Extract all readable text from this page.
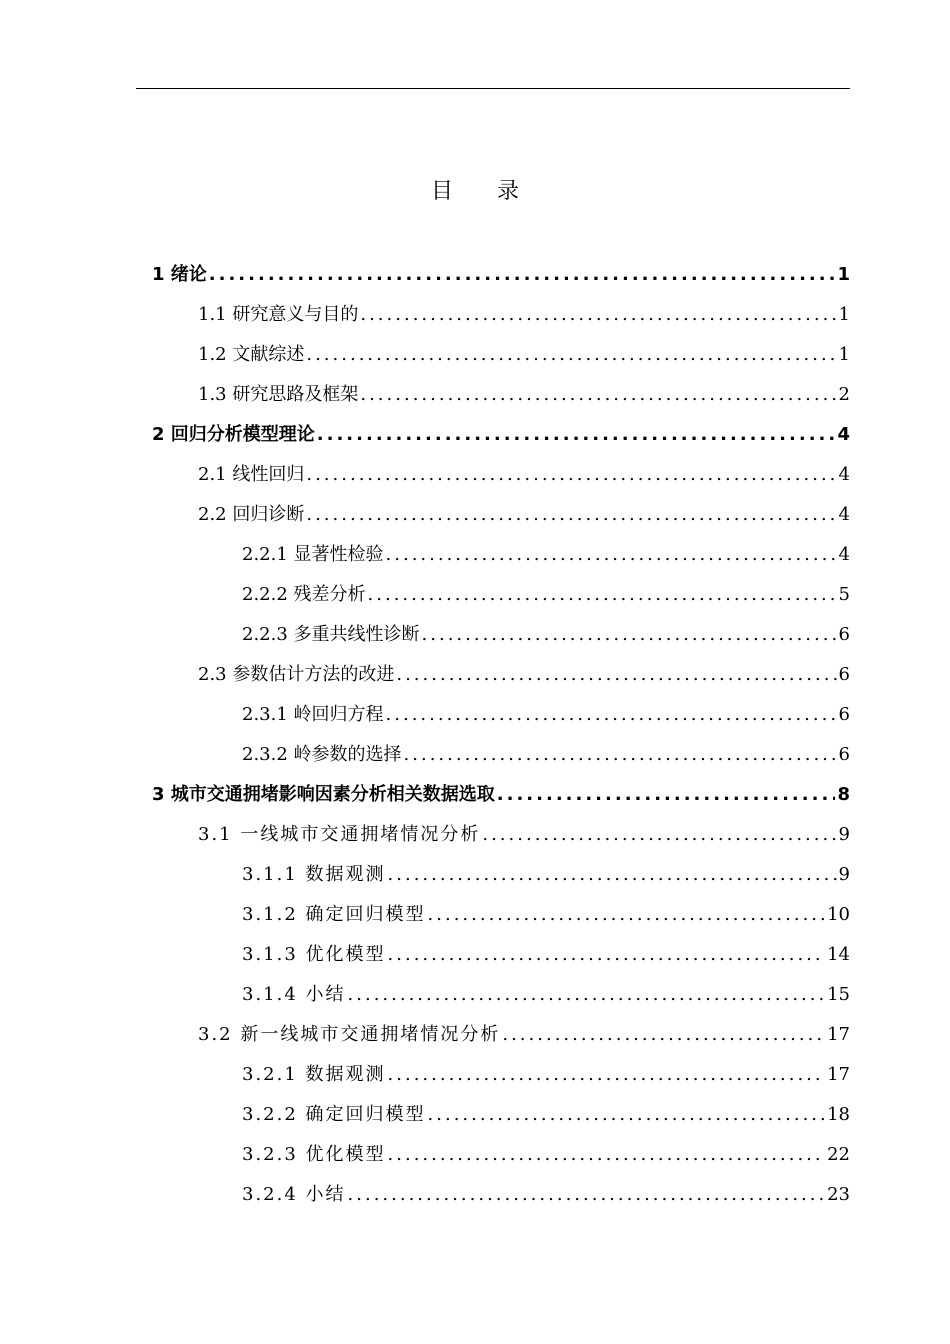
目 录
1 绪论 .....	1
1.1 研究意义与目的 .....	1
1.2 文献综述 .....	1
1.3 研究思路及框架 .....	2
2 回归分析模型理论 .....	4
2.1 线性回归 .....	4
2.2 回归诊断 .....	4
2.2.1 显著性检验 .....	4
2.2.2 残差分析 .....	5
2.2.3 多重共线性诊断 .....	6
2.3 参数估计方法的改进 .....	6
2.3.1 岭回归方程 .....	6
2.3.2 岭参数的选择 .....	6
3 城市交通拥堵影响因素分析相关数据选取 .....	8
3.1 一线城市交通拥堵情况分析 .....	9
3.1.1 数据观测 .....	9
3.1.2 确定回归模型 .....	10
3.1.3 优化模型 .....	14
3.1.4 小结 .....	15
3.2 新一线城市交通拥堵情况分析 .....	17
3.2.1 数据观测 .....	17
3.2.2 确定回归模型 .....	18
3.2.3 优化模型 .....	22
3.2.4 小结 .....	23
